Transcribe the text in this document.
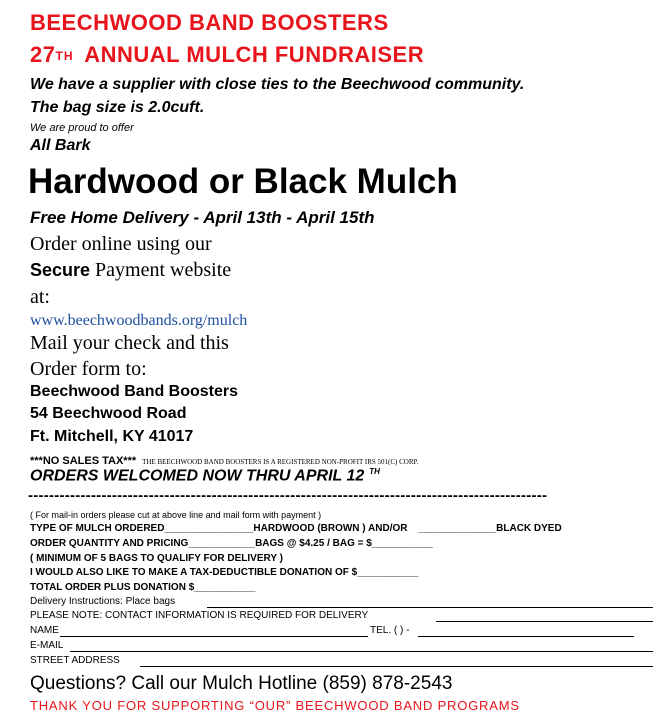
BEECHWOOD BAND BOOSTERS
27TH ANNUAL MULCH FUNDRAISER
We have a supplier with close ties to the Beechwood community.
The bag size is 2.0cuft.
We are proud to offer
All Bark
Hardwood or Black Mulch
Free Home Delivery - April 13th - April 15th
Order online using our
Secure Payment website
at:
www.beechwoodbands.org/mulch
Mail your check and this
Order form to:
Beechwood Band Boosters
54 Beechwood Road
Ft. Mitchell, KY 41017
***NO SALES TAX*** THE BEECHWOOD BAND BOOSTERS IS A REGISTERED NON-PROFIT IRS 501(C) CORP.
ORDERS WELCOMED NOW THRU APRIL 12 $^{TH}$
---------------------------------------------------------------------------------------------------
( For mail-in orders please cut at above line and mail form with payment )
TYPE OF MULCH ORDERED________________HARDWOOD (BROWN ) AND/OR ______________BLACK DYED
ORDER QUANTITY AND PRICING____________BAGS @ $4.25 / BAG = $___________
( MINIMUM OF 5 BAGS TO QUALIFY FOR DELIVERY )
I WOULD ALSO LIKE TO MAKE A TAX-DEDUCTIBLE DONATION OF $___________
TOTAL ORDER PLUS DONATION $___________
Delivery Instructions: Place bags
PLEASE NOTE: CONTACT INFORMATION IS REQUIRED FOR DELIVERY
NAME	TEL. ( ) -
E-MAIL
STREET ADDRESS
Questions? Call our Mulch Hotline (859) 878-2543
THANK YOU FOR SUPPORTING “OUR” BEECHWOOD BAND PROGRAMS
